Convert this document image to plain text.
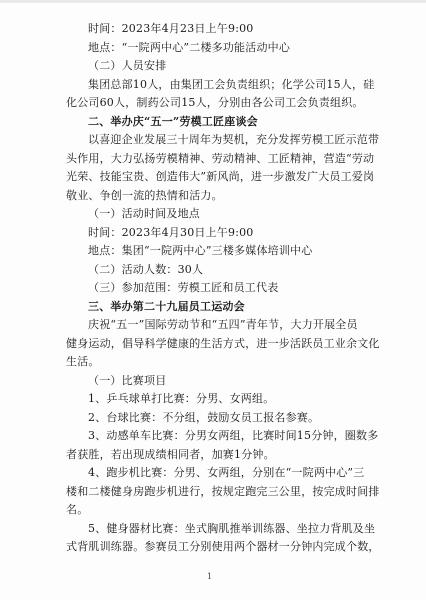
时间：2023年4月23日上午9:00
地点：“一院两中心”二楼多功能活动中心
（二）人员安排
集团总部10人，由集团工会负责组织；化学公司15人，硅
化公司60人，制药公司15人，分别由各公司工会负责组织。
二、举办庆“五一”劳模工匠座谈会
以喜迎企业发展三十周年为契机，充分发挥劳模工匠示范带
头作用，大力弘扬劳模精神、劳动精神、工匠精神，营造“劳动
光荣、技能宝贵、创造伟大”新风尚，进一步激发广大员工爱岗
敬业、争创一流的热情和活力。
（一）活动时间及地点
时间：2023年4月30日上午9:00
地点：集团“一院两中心”三楼多媒体培训中心
（二）活动人数：30人
（三）参加范围：劳模工匠和员工代表
三、举办第二十九届员工运动会
庆祝“五一”国际劳动节和“五四”青年节，大力开展全员
健身运动，倡导科学健康的生活方式，进一步活跃员工业余文化
生活。
（一）比赛项目
1、乒乓球单打比赛：分男、女两组。
2、台球比赛：不分组，鼓励女员工报名参赛。
3、动感单车比赛：分男女两组，比赛时间15分钟，圈数多
者获胜，若出现成绩相同者，加赛1分钟。
4、跑步机比赛：分男、女两组，分别在“一院两中心”三
楼和二楼健身房跑步机进行，按规定跑完三公里，按完成时间排
名。
5、健身器材比赛：坐式胸肌推举训练器、坐拉力背肌及坐
式背肌训练器。参赛员工分别使用两个器材一分钟内完成个数，
1
